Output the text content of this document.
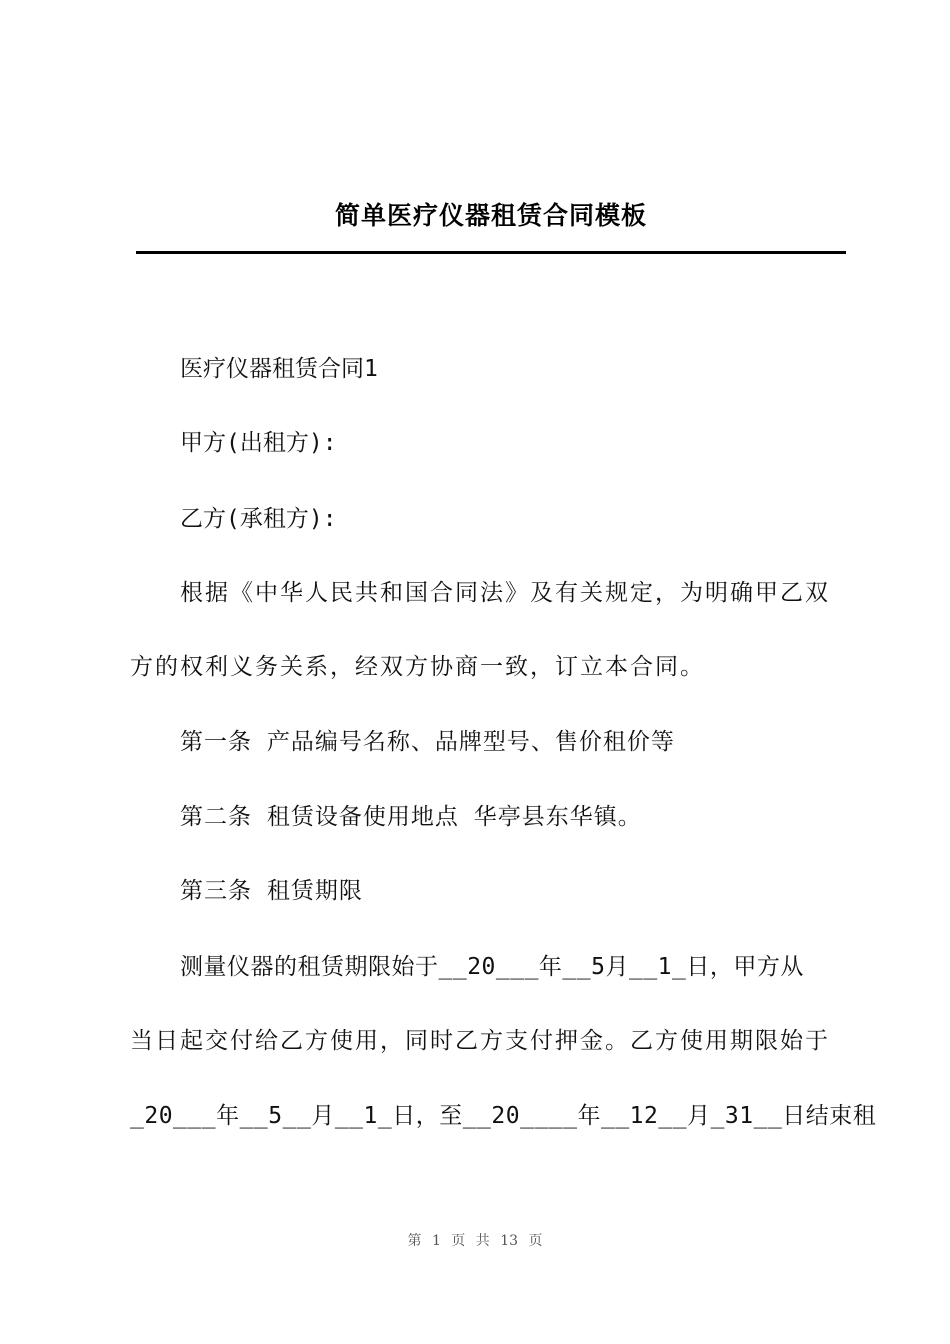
简单医疗仪器租赁合同模板
医疗仪器租赁合同1
甲方(出租方):
乙方(承租方):
根据《中华人民共和国合同法》及有关规定，为明确甲乙双
方的权利义务关系，经双方协商一致，订立本合同。
第一条 产品编号名称、品牌型号、售价租价等
第二条 租赁设备使用地点 华亭县东华镇。
第三条 租赁期限
测量仪器的租赁期限始于__20___年__5月__1_日，甲方从
当日起交付给乙方使用，同时乙方支付押金。乙方使用期限始于
_20___年__5__月__1_日，至__20____年__12__月_31__日结束租
第 1 页 共 13 页
